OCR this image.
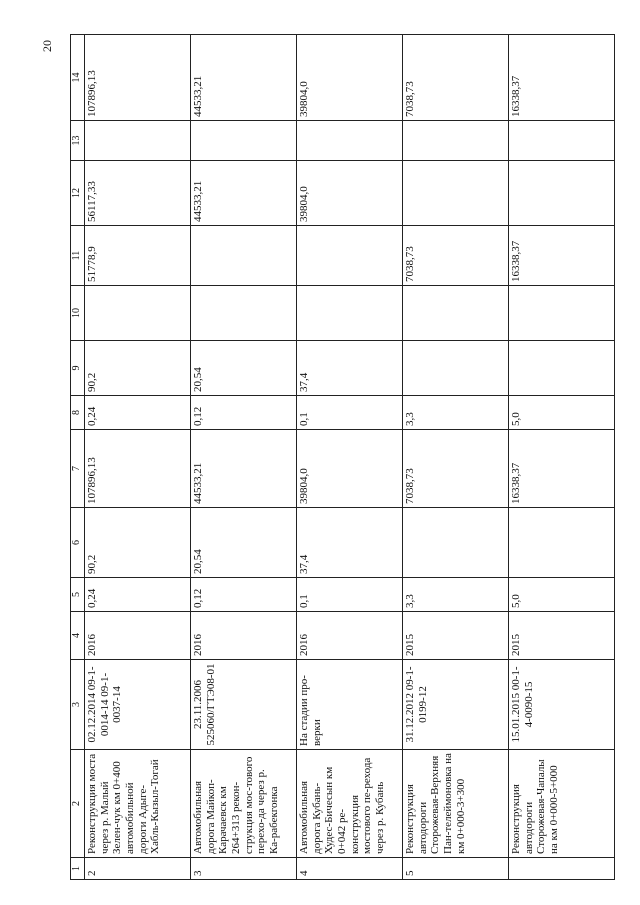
20
1	2	3	4	5	6	7	8	9	10	11	12	13	14
2	Реконструкция моста через р. Малый Зелен-чук км 0+400 автомобильной дороги Адыге-Хабль-Кызыл-Тогай	02.12.2014 09-1-0014-14 09-1-0037-14	2016	0,24	90,2	107896,13	0,24	90,2		51778,9	56117,33		107896,13
3	Автомобильная дорога Майкоп-Карачаевск км 264+313 рекон-струкция мос-тового перехо-да через р. Ка-рабекгонка	23.11.2006 525060/ГТЭ08-01	2016	0,12	20,54	44533,21	0,12	20,54			44533,21		44533,21
4	Автомобильная дорога Кубань-Худес-Бичесын км 0+042 ре-конструкция мостового пе-рехода через р. Кубань	На стадии про-верки	2016	0,1	37,4	39804,0	0,1	37,4			39804,0		39804,0
5	Реконструкция автодороги Сторожевая-Верхняя Пан-телеймоновка на км 0+000-3+300	31.12.2012 09-1-0199-12	2015	3,3		7038,73	3,3			7038,73			7038,73
	Реконструкция автодороги Сторожевая-Чапалы на км 0+000-5+000	15.01.2015 00-1-4-0090-15	2015	5,0		16338,37	5,0			16338,37			16338,37
